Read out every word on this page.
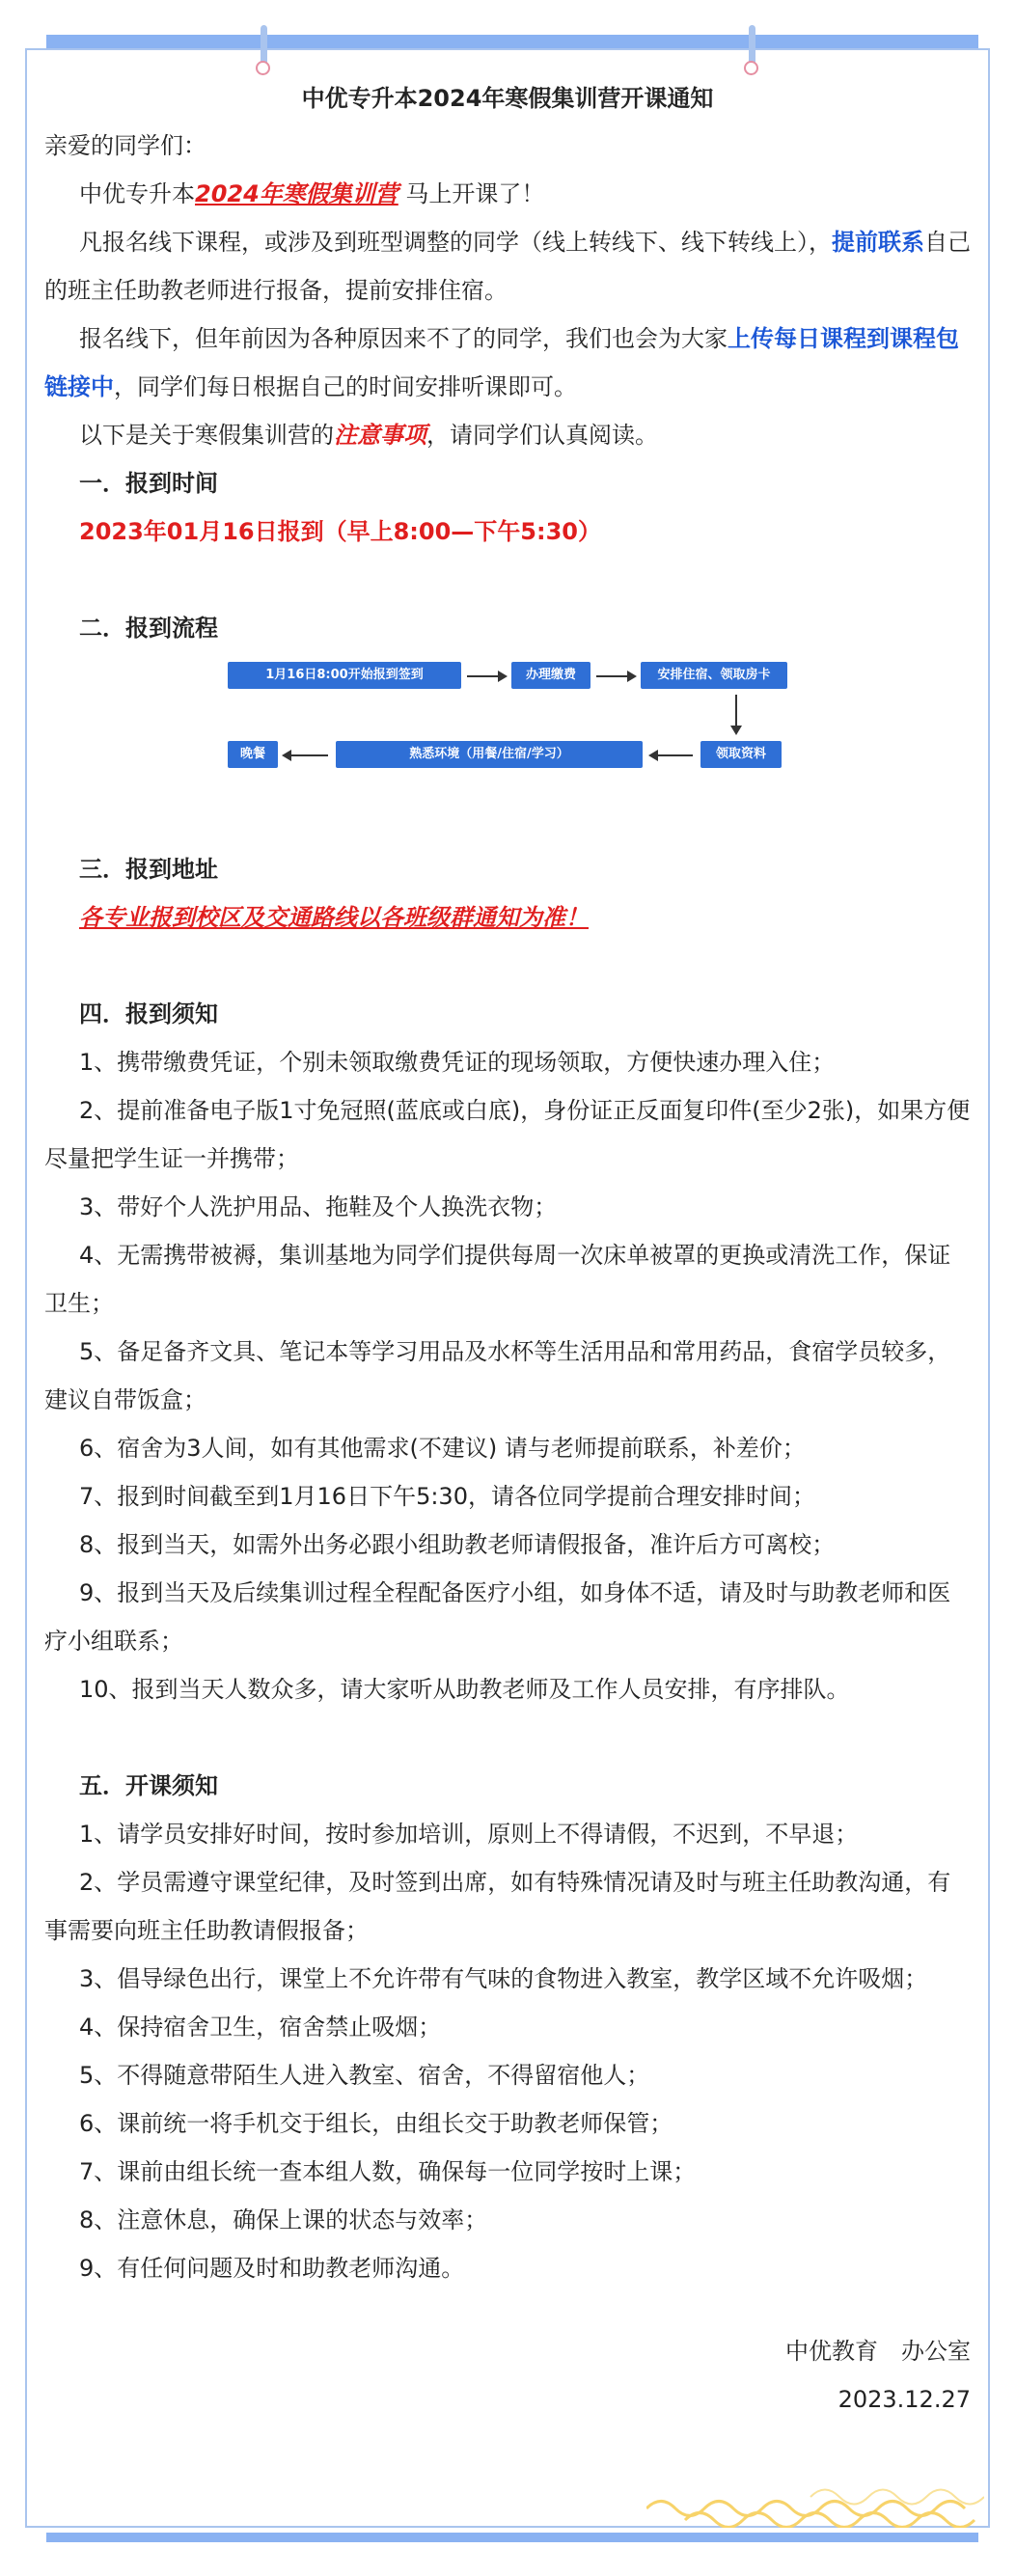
中优专升本2024年寒假集训营开课通知

亲爱的同学们：

中优专升本2024年寒假集训营 马上开课了！

凡报名线下课程，或涉及到班型调整的同学（线上转线下、线下转线上），提前联系自己的班主任助教老师进行报备，提前安排住宿。

报名线下，但年前因为各种原因来不了的同学，我们也会为大家上传每日课程到课程包链接中，同学们每日根据自己的时间安排听课即可。

以下是关于寒假集训营的注意事项，请同学们认真阅读。

一．报到时间

2023年01月16日报到（早上8:00—下午5:30）

二．报到流程

1月16日8:00开始报到签到	办理缴费	安排住宿、领取房卡
领取资料
熟悉环境（用餐/住宿/学习）
晚餐

三．报到地址

各专业报到校区及交通路线以各班级群通知为准！

四．报到须知

1、携带缴费凭证，个别未领取缴费凭证的现场领取，方便快速办理入住；

2、提前准备电子版1寸免冠照(蓝底或白底)，身份证正反面复印件(至少2张)，如果方便尽量把学生证一并携带；

3、带好个人洗护用品、拖鞋及个人换洗衣物；

4、无需携带被褥，集训基地为同学们提供每周一次床单被罩的更换或清洗工作，保证卫生；

5、备足备齐文具、笔记本等学习用品及水杯等生活用品和常用药品，食宿学员较多，建议自带饭盒；

6、宿舍为3人间，如有其他需求(不建议) 请与老师提前联系，补差价；

7、报到时间截至到1月16日下午5:30，请各位同学提前合理安排时间；

8、报到当天，如需外出务必跟小组助教老师请假报备，准许后方可离校；

9、报到当天及后续集训过程全程配备医疗小组，如身体不适，请及时与助教老师和医疗小组联系；

10、报到当天人数众多，请大家听从助教老师及工作人员安排，有序排队。

五．开课须知

1、请学员安排好时间，按时参加培训，原则上不得请假，不迟到，不早退；

2、学员需遵守课堂纪律，及时签到出席，如有特殊情况请及时与班主任助教沟通，有事需要向班主任助教请假报备；

3、倡导绿色出行，课堂上不允许带有气味的食物进入教室，教学区域不允许吸烟；

4、保持宿舍卫生，宿舍禁止吸烟；

5、不得随意带陌生人进入教室、宿舍，不得留宿他人；

6、课前统一将手机交于组长，由组长交于助教老师保管；

7、课前由组长统一查本组人数，确保每一位同学按时上课；

8、注意休息，确保上课的状态与效率；

9、有任何问题及时和助教老师沟通。

中优教育　办公室

2023.12.27
